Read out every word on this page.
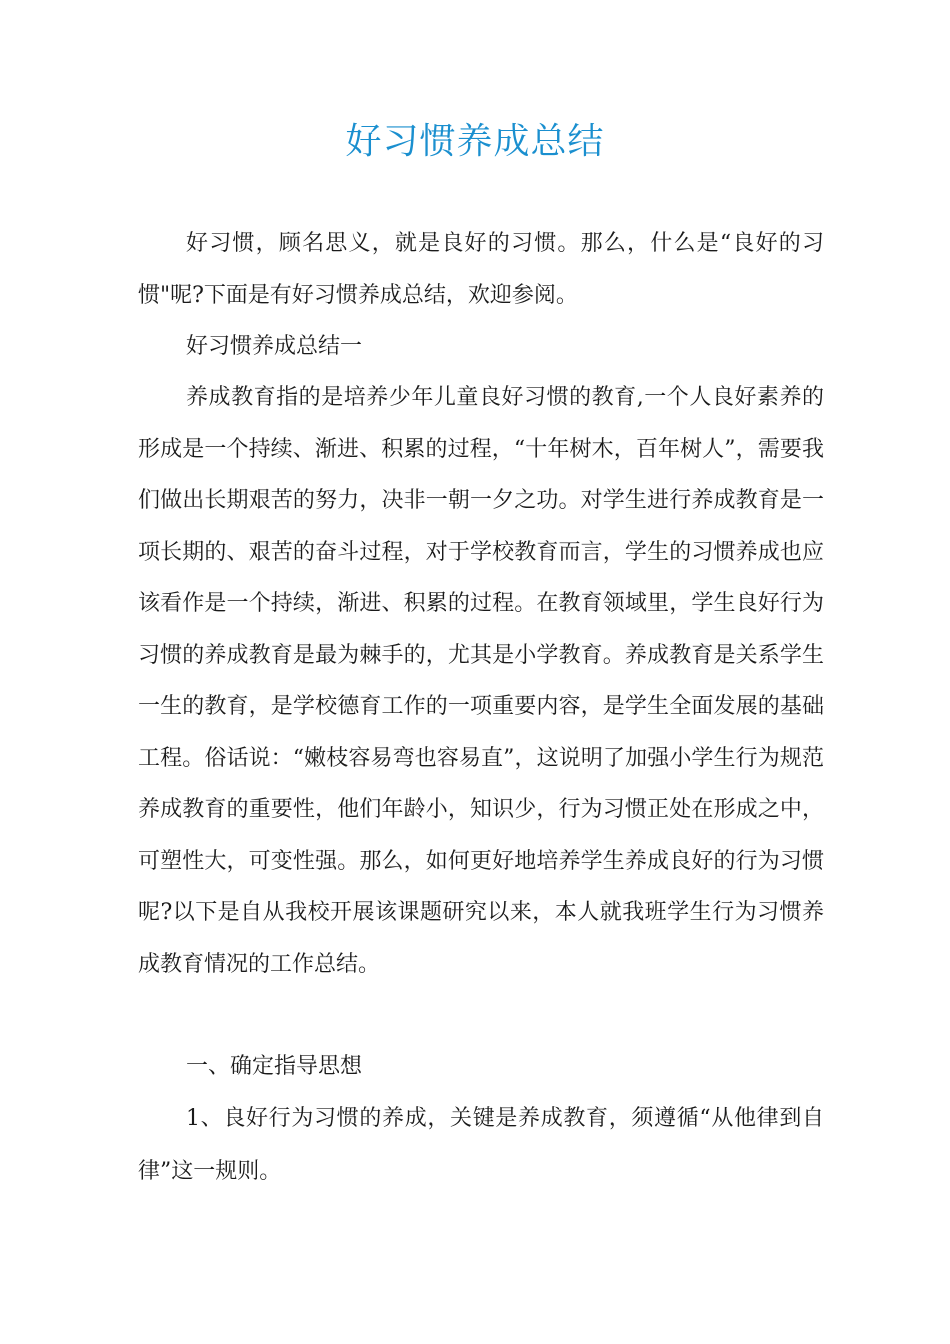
好习惯养成总结

好习惯，顾名思义，就是良好的习惯。那么，什么是“良好的习惯"呢?下面是有好习惯养成总结，欢迎参阅。

好习惯养成总结一

养成教育指的是培养少年儿童良好习惯的教育,一个人良好素养的形成是一个持续、渐进、积累的过程，“十年树木，百年树人”，需要我们做出长期艰苦的努力，决非一朝一夕之功。对学生进行养成教育是一项长期的、艰苦的奋斗过程，对于学校教育而言，学生的习惯养成也应该看作是一个持续，渐进、积累的过程。在教育领域里，学生良好行为习惯的养成教育是最为棘手的，尤其是小学教育。养成教育是关系学生一生的教育，是学校德育工作的一项重要内容，是学生全面发展的基础工程。俗话说：“嫩枝容易弯也容易直”，这说明了加强小学生行为规范养成教育的重要性，他们年龄小，知识少，行为习惯正处在形成之中，可塑性大，可变性强。那么，如何更好地培养学生养成良好的行为习惯呢?以下是自从我校开展该课题研究以来，本人就我班学生行为习惯养成教育情况的工作总结。

一、确定指导思想

1、良好行为习惯的养成，关键是养成教育，须遵循“从他律到自律”这一规则。
